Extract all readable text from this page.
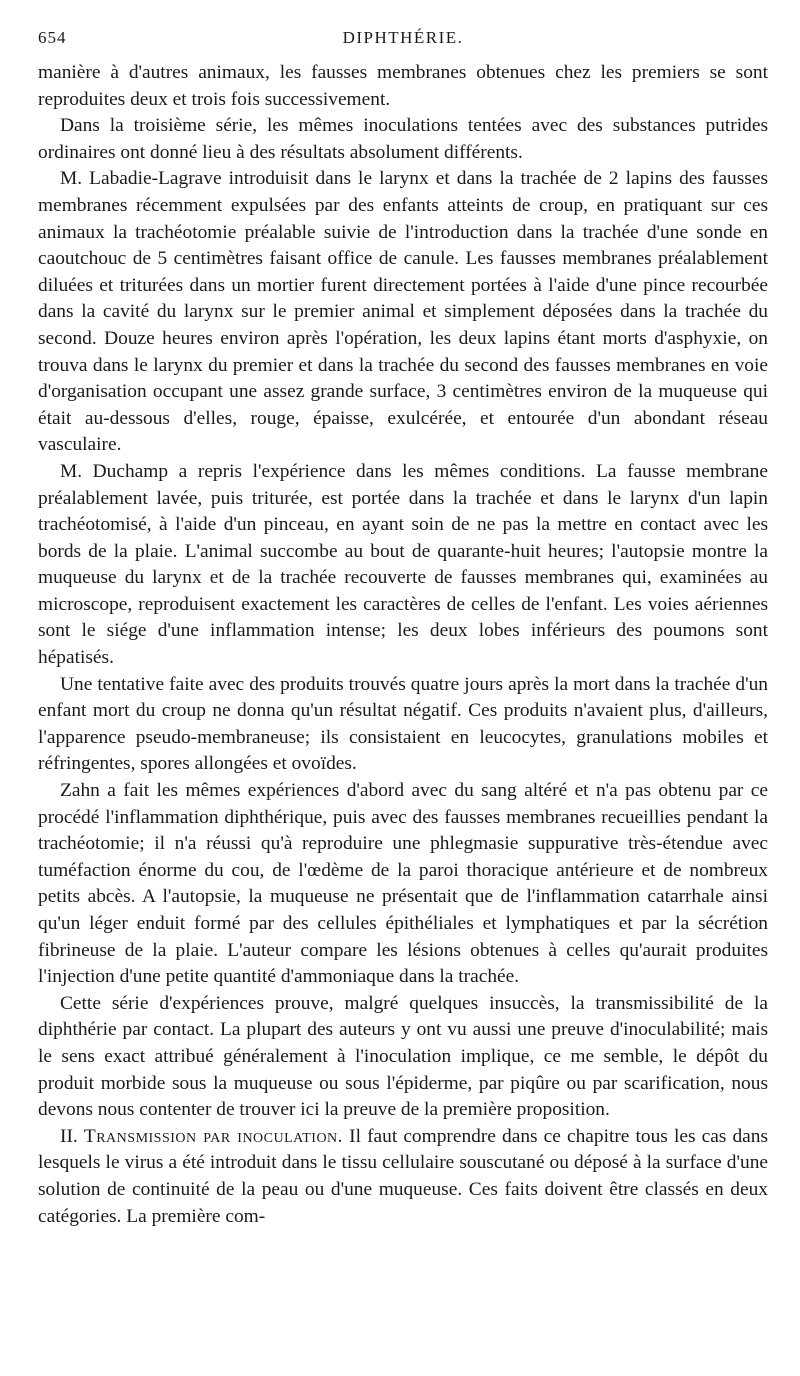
654	DIPHTHÉRIE.

manière à d'autres animaux, les fausses membranes obtenues chez les premiers se sont reproduites deux et trois fois successivement.

Dans la troisième série, les mêmes inoculations tentées avec des substances putrides ordinaires ont donné lieu à des résultats absolument différents.

M. Labadie-Lagrave introduisit dans le larynx et dans la trachée de 2 lapins des fausses membranes récemment expulsées par des enfants atteints de croup, en pratiquant sur ces animaux la trachéotomie préalable suivie de l'introduction dans la trachée d'une sonde en caoutchouc de 5 centimètres faisant office de canule. Les fausses membranes préalablement diluées et triturées dans un mortier furent directement portées à l'aide d'une pince recourbée dans la cavité du larynx sur le premier animal et simplement déposées dans la trachée du second. Douze heures environ après l'opération, les deux lapins étant morts d'asphyxie, on trouva dans le larynx du premier et dans la trachée du second des fausses membranes en voie d'organisation occupant une assez grande surface, 3 centimètres environ de la muqueuse qui était au-dessous d'elles, rouge, épaisse, exulcérée, et entourée d'un abondant réseau vasculaire.

M. Duchamp a repris l'expérience dans les mêmes conditions. La fausse membrane préalablement lavée, puis triturée, est portée dans la trachée et dans le larynx d'un lapin trachéotomisé, à l'aide d'un pinceau, en ayant soin de ne pas la mettre en contact avec les bords de la plaie. L'animal succombe au bout de quarante-huit heures; l'autopsie montre la muqueuse du larynx et de la trachée recouverte de fausses membranes qui, examinées au microscope, reproduisent exactement les caractères de celles de l'enfant. Les voies aériennes sont le siége d'une inflammation intense; les deux lobes inférieurs des poumons sont hépatisés.

Une tentative faite avec des produits trouvés quatre jours après la mort dans la trachée d'un enfant mort du croup ne donna qu'un résultat négatif. Ces produits n'avaient plus, d'ailleurs, l'apparence pseudo-membraneuse; ils consistaient en leucocytes, granulations mobiles et réfringentes, spores allongées et ovoïdes.

Zahn a fait les mêmes expériences d'abord avec du sang altéré et n'a pas obtenu par ce procédé l'inflammation diphthérique, puis avec des fausses membranes recueillies pendant la trachéotomie; il n'a réussi qu'à reproduire une phlegmasie suppurative très-étendue avec tuméfaction énorme du cou, de l'œdème de la paroi thoracique antérieure et de nombreux petits abcès. A l'autopsie, la muqueuse ne présentait que de l'inflammation catarrhale ainsi qu'un léger enduit formé par des cellules épithéliales et lymphatiques et par la sécrétion fibrineuse de la plaie. L'auteur compare les lésions obtenues à celles qu'aurait produites l'injection d'une petite quantité d'ammoniaque dans la trachée.

Cette série d'expériences prouve, malgré quelques insuccès, la transmissibilité de la diphthérie par contact. La plupart des auteurs y ont vu aussi une preuve d'inoculabilité; mais le sens exact attribué généralement à l'inoculation implique, ce me semble, le dépôt du produit morbide sous la muqueuse ou sous l'épiderme, par piqûre ou par scarification, nous devons nous contenter de trouver ici la preuve de la première proposition.

II. Transmission par inoculation. Il faut comprendre dans ce chapitre tous les cas dans lesquels le virus a été introduit dans le tissu cellulaire souscutané ou déposé à la surface d'une solution de continuité de la peau ou d'une muqueuse. Ces faits doivent être classés en deux catégories. La première com-
